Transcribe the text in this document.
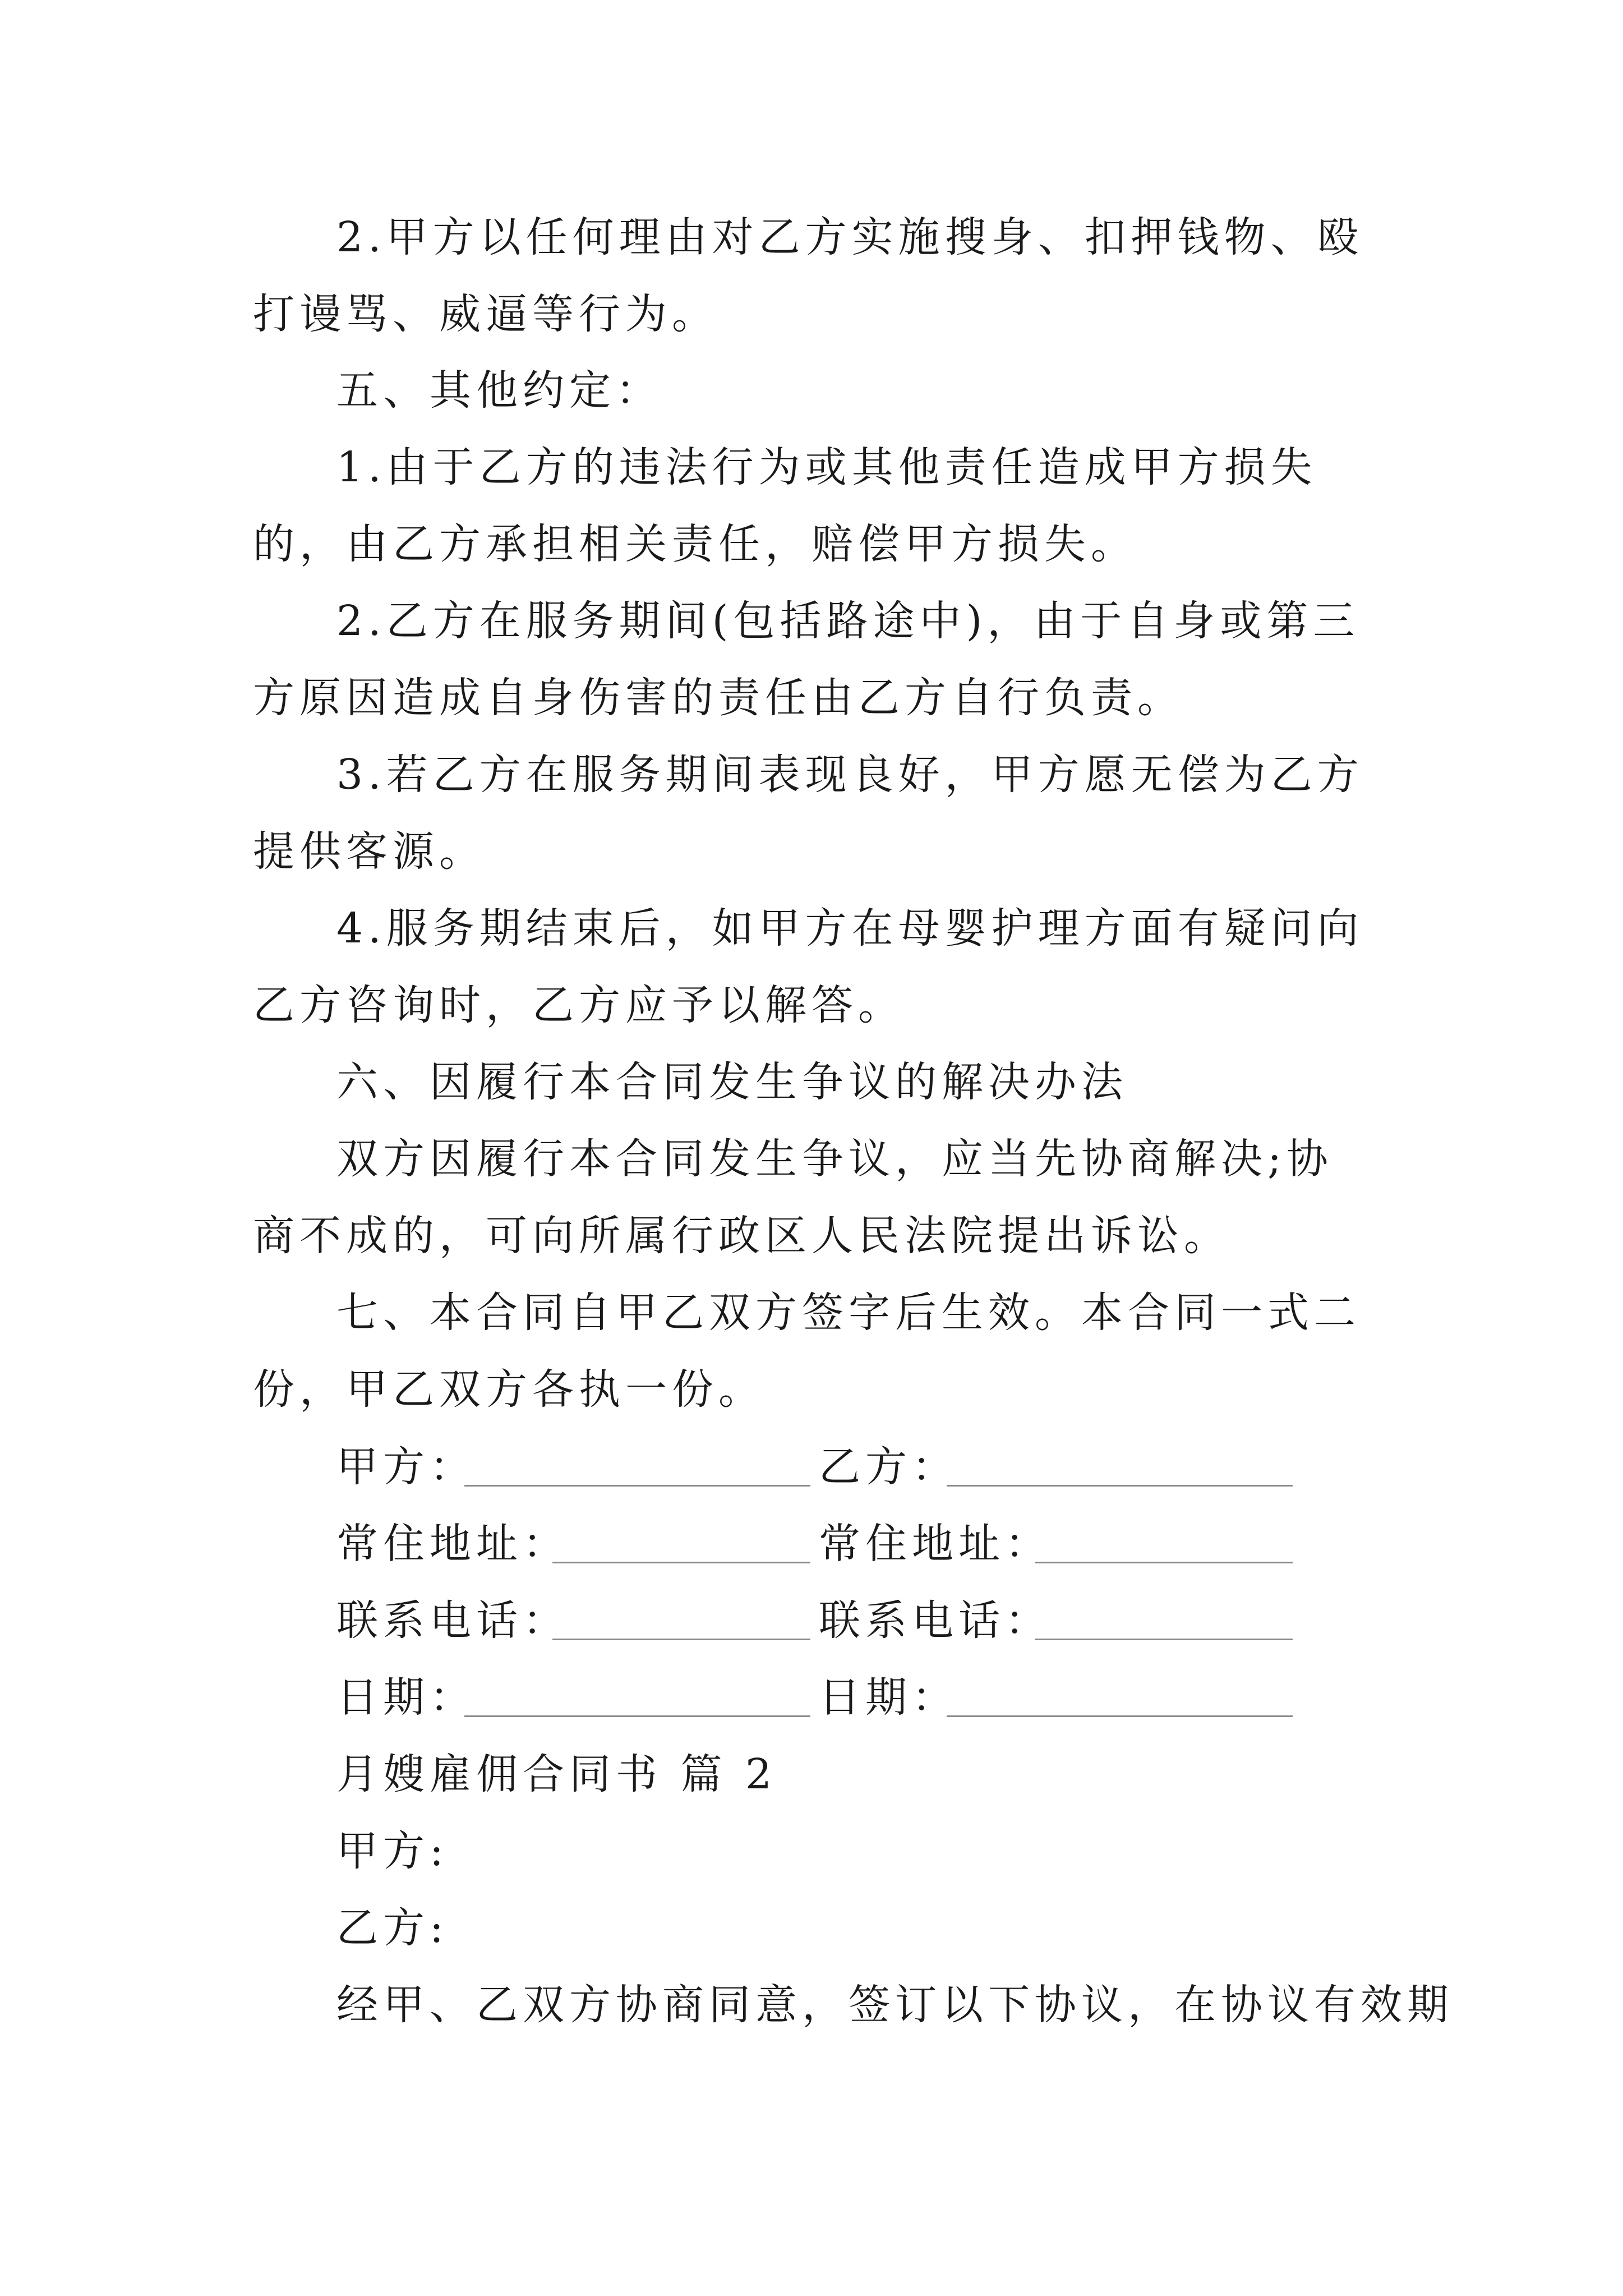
2.甲方以任何理由对乙方实施搜身、扣押钱物、殴打谩骂、威逼等行为。

五、其他约定：

1.由于乙方的违法行为或其他责任造成甲方损失的，由乙方承担相关责任，赔偿甲方损失。

2.乙方在服务期间(包括路途中)，由于自身或第三方原因造成自身伤害的责任由乙方自行负责。

3.若乙方在服务期间表现良好，甲方愿无偿为乙方提供客源。

4.服务期结束后，如甲方在母婴护理方面有疑问向乙方咨询时，乙方应予以解答。

六、因履行本合同发生争议的解决办法

双方因履行本合同发生争议，应当先协商解决;协商不成的，可向所属行政区人民法院提出诉讼。

七、本合同自甲乙双方签字后生效。本合同一式二份，甲乙双方各执一份。

甲方：	乙方：
常住地址：	常住地址：
联系电话：	联系电话：
日期：	日期：

月嫂雇佣合同书 篇 2

甲方:

乙方:

经甲、乙双方协商同意，签订以下协议，在协议有效期
